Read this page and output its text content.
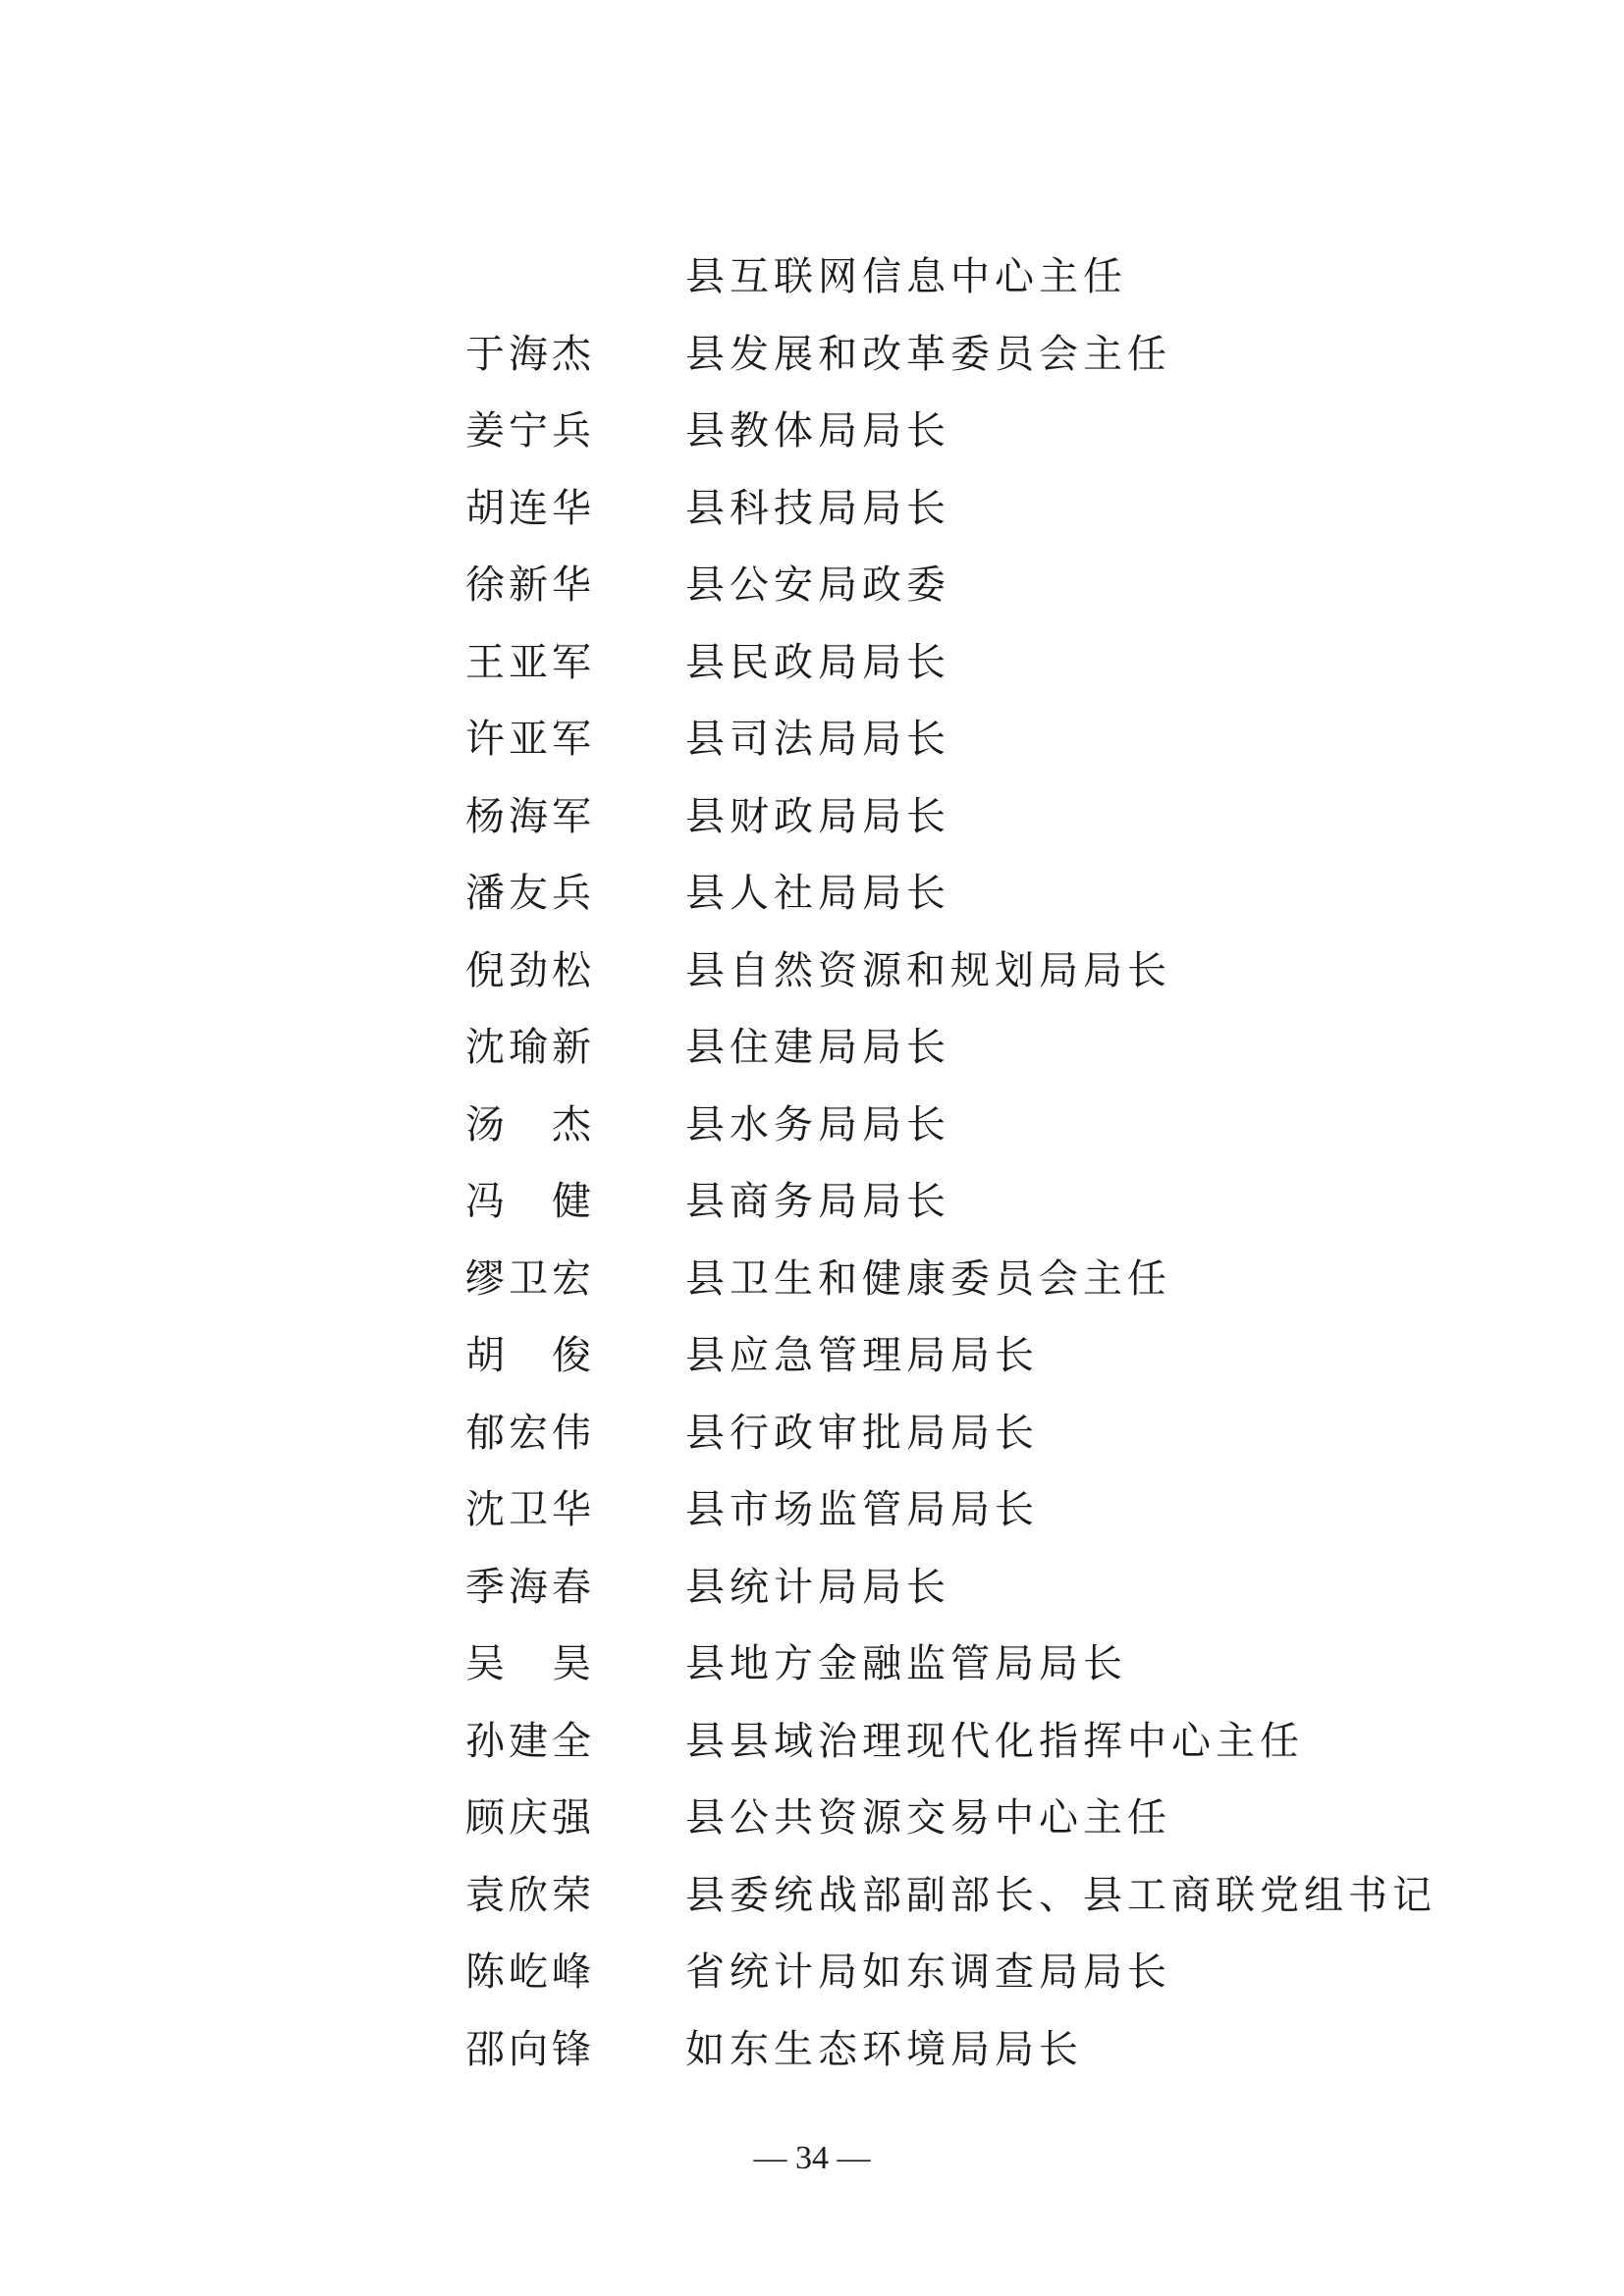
县互联网信息中心主任
于海杰 县发展和改革委员会主任
姜宁兵 县教体局局长
胡连华 县科技局局长
徐新华 县公安局政委
王亚军 县民政局局长
许亚军 县司法局局长
杨海军 县财政局局长
潘友兵 县人社局局长
倪劲松 县自然资源和规划局局长
沈瑜新 县住建局局长
汤 杰 县水务局局长
冯 健 县商务局局长
缪卫宏 县卫生和健康委员会主任
胡 俊 县应急管理局局长
郁宏伟 县行政审批局局长
沈卫华 县市场监管局局长
季海春 县统计局局长
吴 昊 县地方金融监管局局长
孙建全 县县域治理现代化指挥中心主任
顾庆强 县公共资源交易中心主任
袁欣荣 县委统战部副部长、县工商联党组书记
陈屹峰 省统计局如东调查局局长
邵向锋 如东生态环境局局长
— 34 —
